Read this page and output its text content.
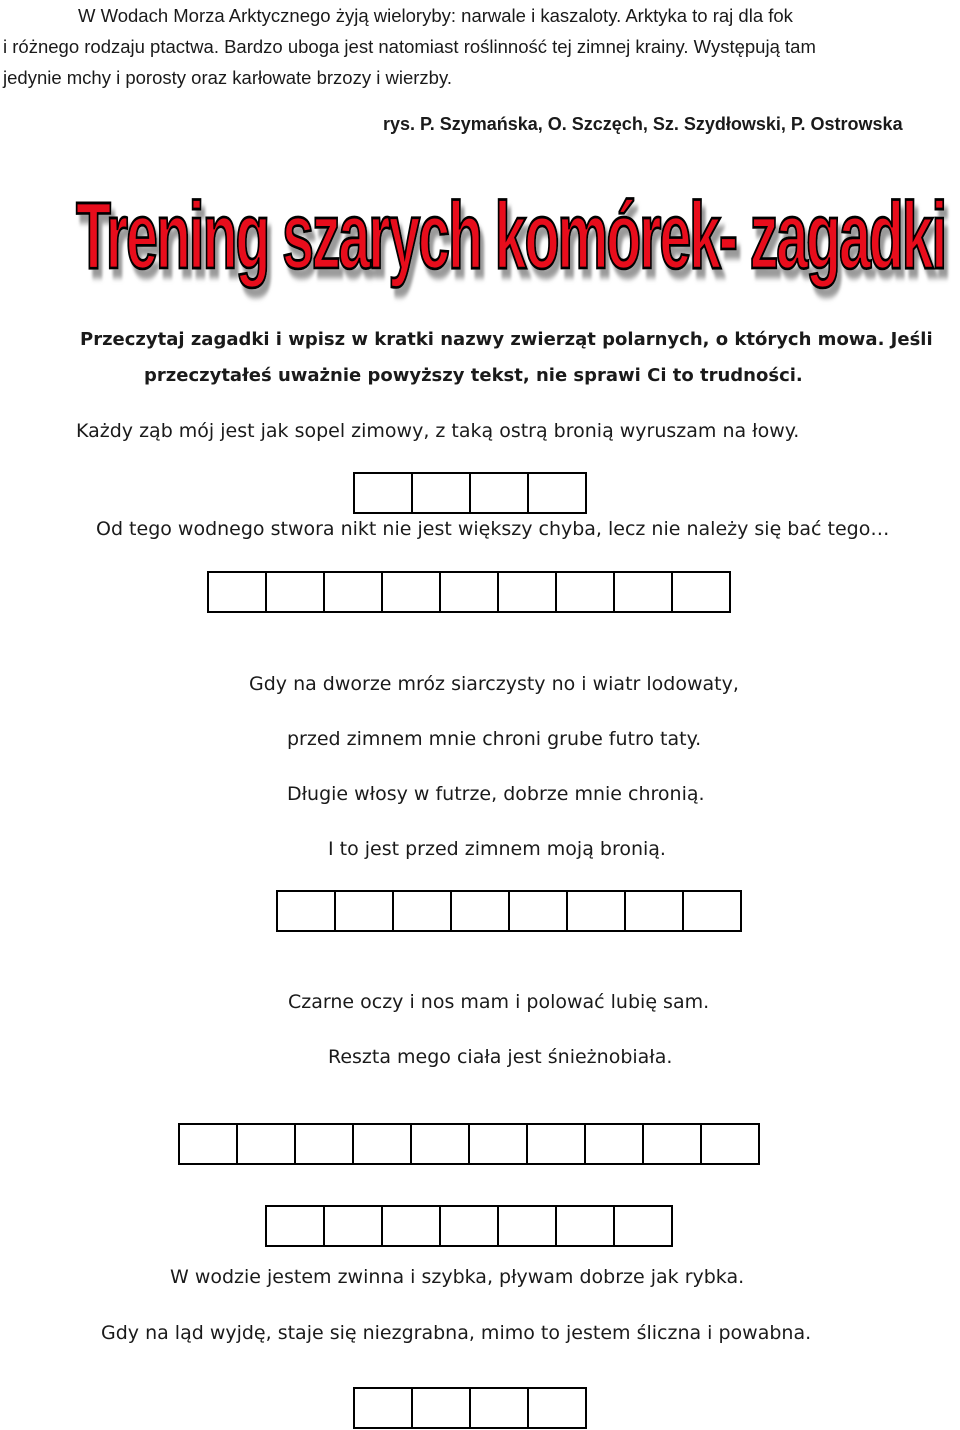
W Wodach Morza Arktycznego żyją wieloryby: narwale i kaszaloty. Arktyka to raj dla fok
i różnego rodzaju ptactwa. Bardzo uboga jest natomiast roślinność tej zimnej krainy. Występują tam
jedynie mchy i porosty oraz karłowate brzozy i wierzby.
rys. P. Szymańska, O. Szczęch, Sz. Szydłowski, P. Ostrowska
Trening szarych komórek- zagadki
Przeczytaj zagadki i wpisz w kratki nazwy zwierząt polarnych, o których mowa. Jeśli
przeczytałeś uważnie powyższy tekst, nie sprawi Ci to trudności.
Każdy ząb mój jest jak sopel zimowy, z taką ostrą bronią wyruszam na łowy.
Od tego wodnego stwora nikt nie jest większy chyba, lecz nie należy się bać tego…
Gdy na dworze mróz siarczysty no i wiatr lodowaty,
przed zimnem mnie chroni grube futro taty.
Długie włosy w futrze, dobrze mnie chronią.
I to jest przed zimnem moją bronią.
Czarne oczy i nos mam i polować lubię sam.
Reszta mego ciała jest śnieżnobiała.
W wodzie jestem zwinna i szybka, pływam dobrze jak rybka.
Gdy na ląd wyjdę, staje się niezgrabna, mimo to jestem śliczna i powabna.
